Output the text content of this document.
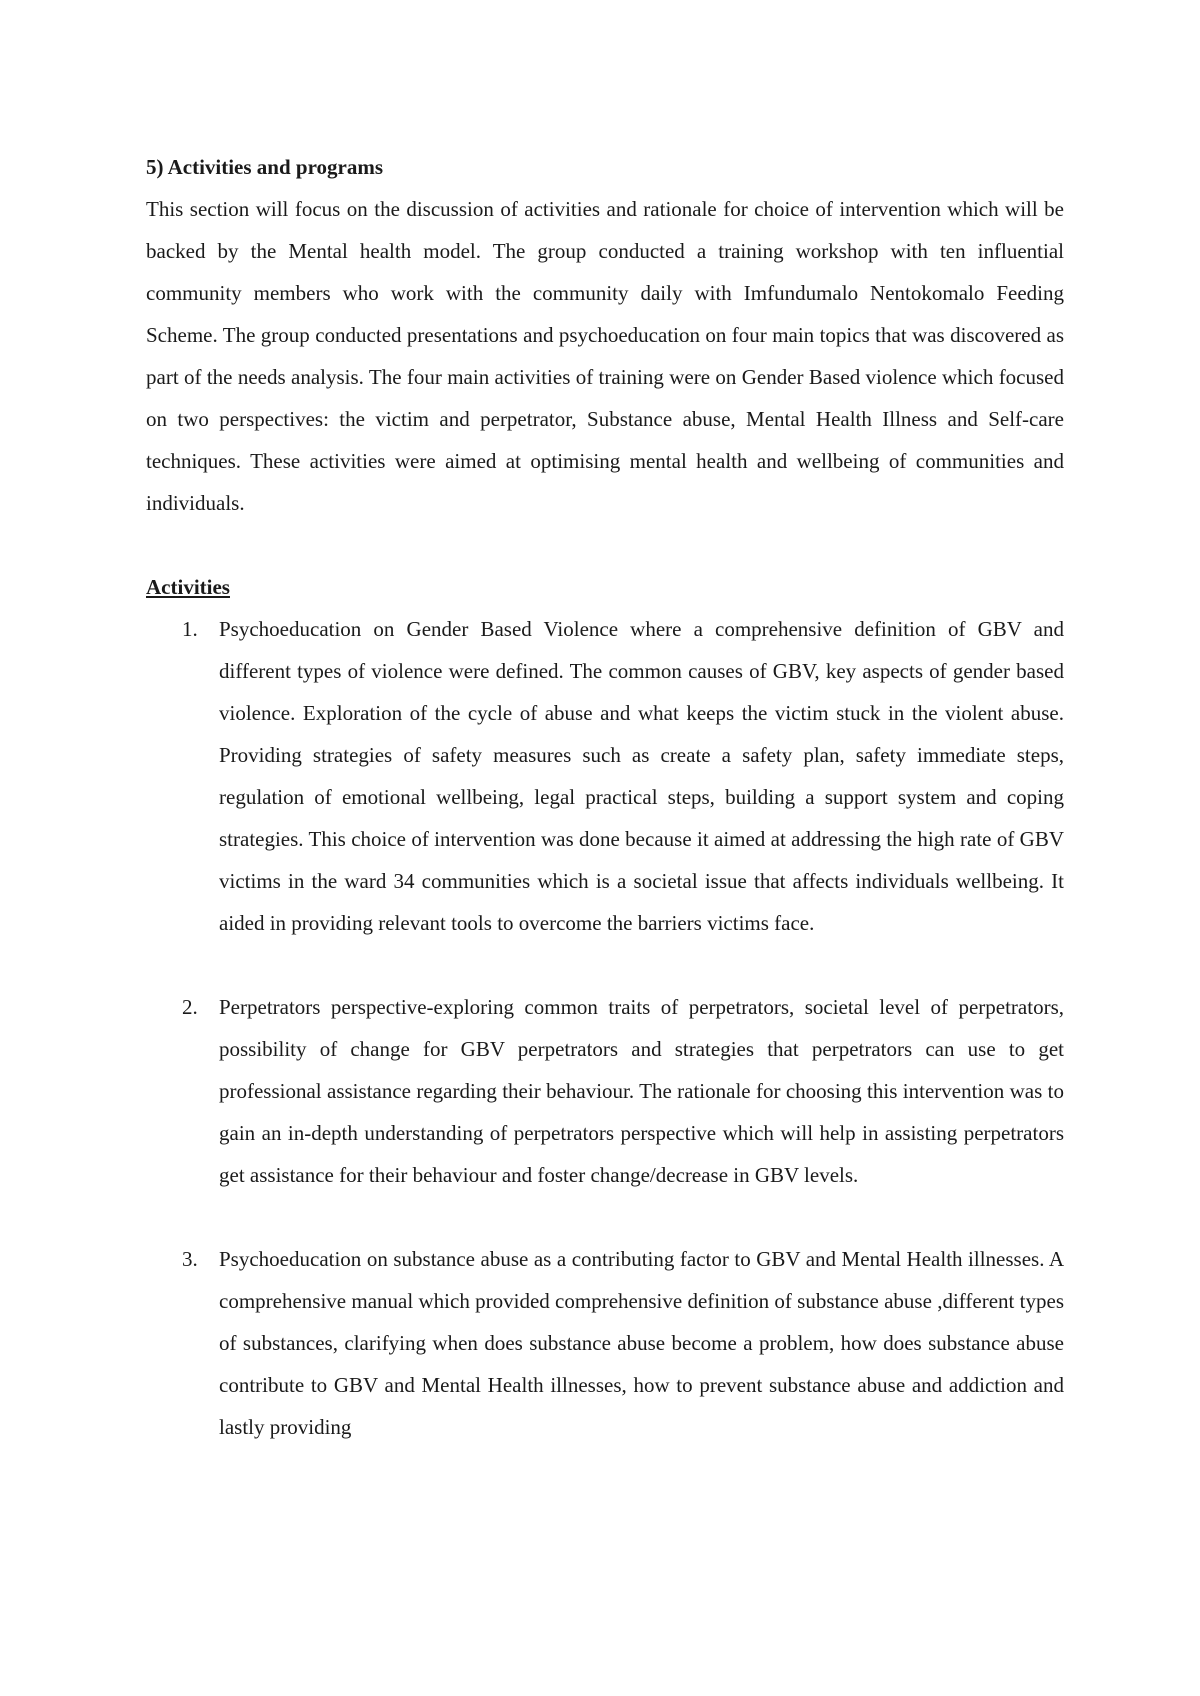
5) Activities and programs

This section will focus on the discussion of activities and rationale for choice of intervention which will be backed by the Mental health model. The group conducted a training workshop with ten influential community members who work with the community daily with Imfundumalo Nentokomalo Feeding Scheme. The group conducted presentations and psychoeducation on four main topics that was discovered as part of the needs analysis. The four main activities of training were on Gender Based violence which focused on two perspectives: the victim and perpetrator, Substance abuse, Mental Health Illness and Self-care techniques. These activities were aimed at optimising mental health and wellbeing of communities and individuals.

Activities

1. Psychoeducation on Gender Based Violence where a comprehensive definition of GBV and different types of violence were defined. The common causes of GBV, key aspects of gender based violence. Exploration of the cycle of abuse and what keeps the victim stuck in the violent abuse. Providing strategies of safety measures such as create a safety plan, safety immediate steps, regulation of emotional wellbeing, legal practical steps, building a support system and coping strategies. This choice of intervention was done because it aimed at addressing the high rate of GBV victims in the ward 34 communities which is a societal issue that affects individuals wellbeing. It aided in providing relevant tools to overcome the barriers victims face.
2. Perpetrators perspective-exploring common traits of perpetrators, societal level of perpetrators, possibility of change for GBV perpetrators and strategies that perpetrators can use to get professional assistance regarding their behaviour. The rationale for choosing this intervention was to gain an in-depth understanding of perpetrators perspective which will help in assisting perpetrators get assistance for their behaviour and foster change/decrease in GBV levels.
3. Psychoeducation on substance abuse as a contributing factor to GBV and Mental Health illnesses. A comprehensive manual which provided comprehensive definition of substance abuse ,different types of substances, clarifying when does substance abuse become a problem, how does substance abuse contribute to GBV and Mental Health illnesses, how to prevent substance abuse and addiction and lastly providing
